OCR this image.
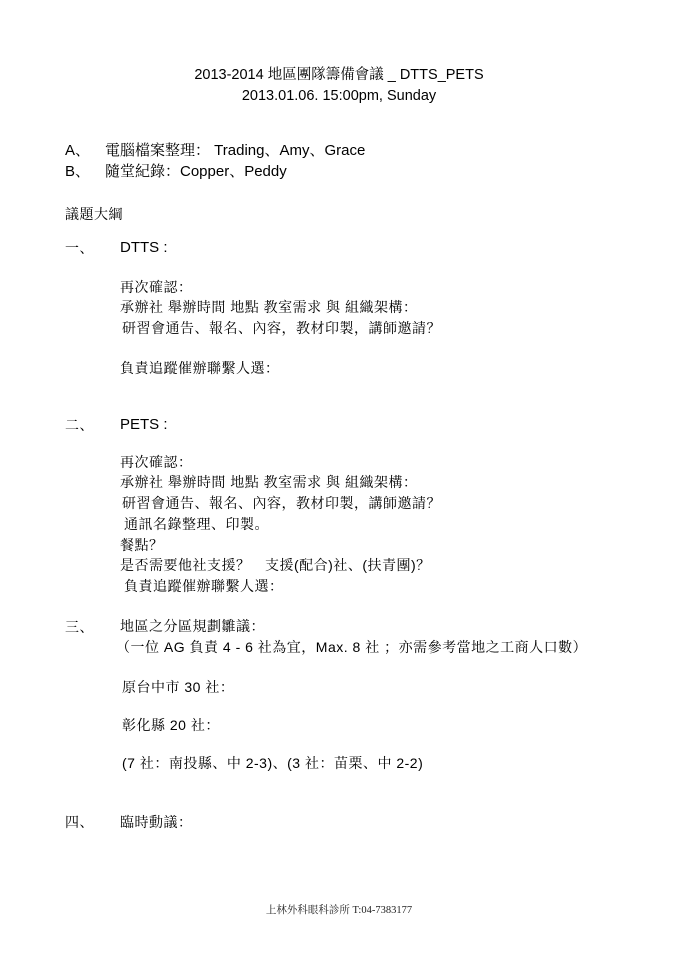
2013-2014 地區團隊籌備會議 _ DTTS_PETS
2013.01.06. 15:00pm, Sunday
A、 電腦檔案整理： Trading、Amy、Grace
B、 隨堂紀錄：Copper、Peddy
議題大綱
一、 DTTS :
再次確認：
承辦社 舉辦時間 地點 教室需求 與 組織架構：
研習會通告、報名、內容，教材印製，講師邀請？
負責追蹤催辦聯繫人選：
二、 PETS :
再次確認：
承辦社 舉辦時間 地點 教室需求 與 組織架構：
研習會通告、報名、內容，教材印製，講師邀請？
通訊名錄整理、印製。
餐點？
是否需要他社支援？　支援(配合)社、(扶青團)？
負責追蹤催辦聯繫人選：
三、 地區之分區規劃雛議：
（一位 AG 負責 4 - 6 社為宜，Max. 8 社 ；亦需參考當地之工商人口數）
原台中市 30 社：
彰化縣 20 社：
(7 社：南投縣、中 2-3)、(3 社：苗栗、中 2-2)
四、 臨時動議：
上林外科眼科診所 T:04-7383177
